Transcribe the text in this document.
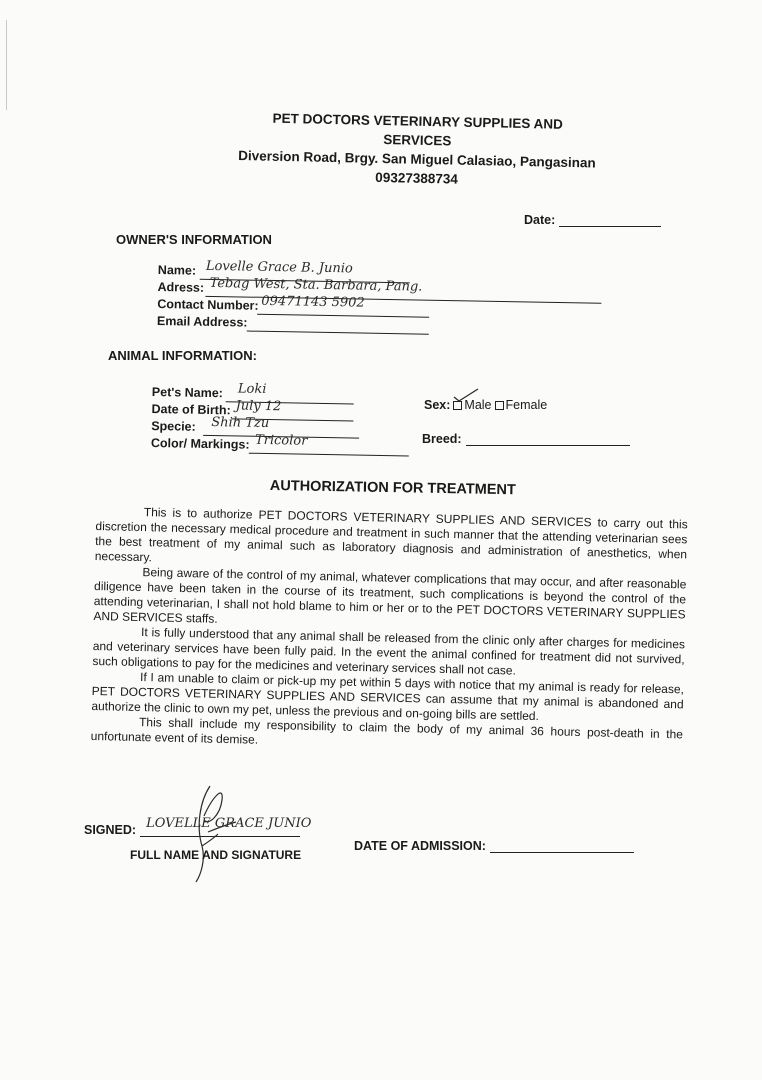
PET DOCTORS VETERINARY SUPPLIES AND SERVICES
Diversion Road, Brgy. San Miguel Calasiao, Pangasinan
09327388734
Date:
OWNER'S INFORMATION
Name: Lovelle Grace B. Junio
Adress: Tebag West, Sta. Barbara, Pang.
Contact Number: 09471143 5902
Email Address:
ANIMAL INFORMATION:
Pet's Name: Loki
Date of Birth: July 12
Specie: Shih Tzu
Color/ Markings: Tricolor
Sex: Male Female
Breed:
AUTHORIZATION FOR TREATMENT

This is to authorize PET DOCTORS VETERINARY SUPPLIES AND SERVICES to carry out this discretion the necessary medical procedure and treatment in such manner that the attending veterinarian sees the best treatment of my animal such as laboratory diagnosis and administration of anesthetics, when necessary.

Being aware of the control of my animal, whatever complications that may occur, and after reasonable diligence have been taken in the course of its treatment, such complications is beyond the control of the attending veterinarian, I shall not hold blame to him or her or to the PET DOCTORS VETERINARY SUPPLIES AND SERVICES staffs.

It is fully understood that any animal shall be released from the clinic only after charges for medicines and veterinary services have been fully paid. In the event the animal confined for treatment did not survived, such obligations to pay for the medicines and veterinary services shall not case.

If I am unable to claim or pick-up my pet within 5 days with notice that my animal is ready for release, PET DOCTORS VETERINARY SUPPLIES AND SERVICES can assume that my animal is abandoned and authorize the clinic to own my pet, unless the previous and on-going bills are settled.

This shall include my responsibility to claim the body of my animal 36 hours post-death in the unfortunate event of its demise.

SIGNED: LOVELLE GRACE JUNIO
FULL NAME AND SIGNATURE
DATE OF ADMISSION:
